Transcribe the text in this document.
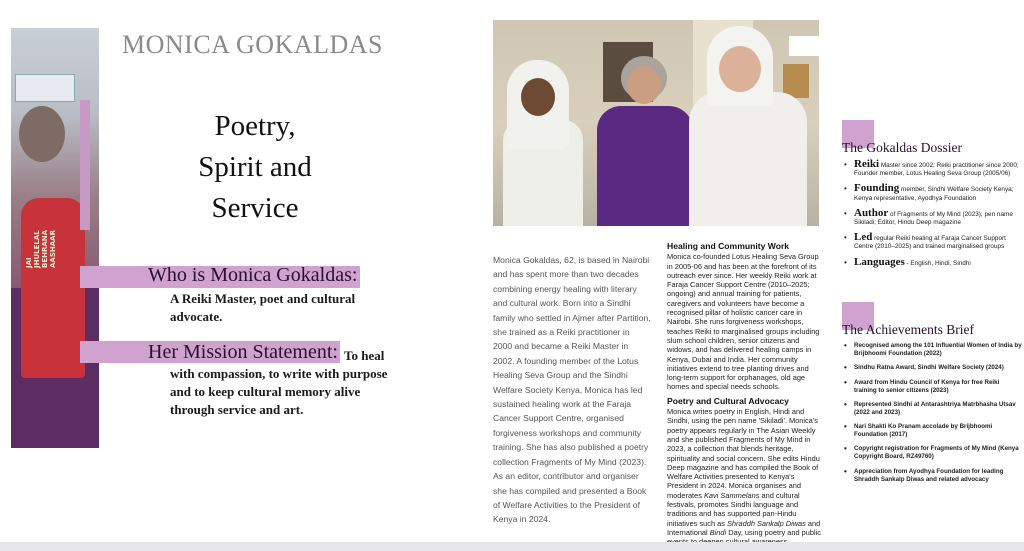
JAI JHULELAL BEHRANA AASHAAR
MONICA GOKALDAS
Poetry,
Spirit and
Service
Who is Monica Gokaldas:
A Reiki Master, poet and cultural advocate.
Her Mission Statement: To heal with compassion, to write with purpose and to keep cultural memory alive through service and art.
Monica Gokaldas, 62, is based in Nairobi and has spent more than two decades combining energy healing with literary and cultural work. Born into a Sindhi family who settled in Ajmer after Partition, she trained as a Reiki practitioner in 2000 and became a Reiki Master in 2002. A founding member of the Lotus Healing Seva Group and the Sindhi Welfare Society Kenya, Monica has led sustained healing work at the Faraja Cancer Support Centre, organised forgiveness workshops and community training. She has also published a poetry collection Fragments of My Mind (2023). As an editor, contributor and organiser she has compiled and presented a Book of Welfare Activities to the President of Kenya in 2024.
Healing and Community Work

Monica co-founded Lotus Healing Seva Group in 2005-06 and has been at the forefront of its outreach ever since. Her weekly Reiki work at Faraja Cancer Support Centre (2010–2025; ongoing) and annual training for patients, caregivers and volunteers have become a recognised pillar of holistic cancer care in Nairobi. She runs forgiveness workshops, teaches Reiki to marginalised groups including slum school children, senior citizens and widows, and has delivered healing camps in Kenya, Dubai and India. Her community initiatives extend to tree planting drives and long-term support for orphanages, old age homes and special needs schools.

Poetry and Cultural Advocacy

Monica writes poetry in English, Hindi and Sindhi, using the pen name 'Sikiladi'. Monica's poetry appears regularly in The Asian Weekly and she published Fragments of My Mind in 2023, a collection that blends heritage, spirituality and social concern. She edits Hindu Deep magazine and has compiled the Book of Welfare Activities presented to Kenya's President in 2024. Monica organises and moderates Kavi Sammelans and cultural festivals, promotes Sindhi language and traditions and has supported pan-Hindu initiatives such as Shraddh Sankalp Diwas and International Bindi Day, using poetry and public

The Gokaldas Dossier
• Reiki Master since 2002; Reiki practitioner since 2000; Founder member, Lotus Healing Seva Group (2005/06)
• Founding member, Sindhi Welfare Society Kenya; Kenya representative, Ayodhya Foundation
• Author of Fragments of My Mind (2023); pen name Sikiladi; Editor, Hindu Deep magazine
• Led regular Reiki healing at Faraja Cancer Support Centre (2010–2025) and trained marginalised groups
• Languages - English, Hindi, Sindhi
The Achievements Brief
• Recognised among the 101 Influential Women of India by Brijbhoomi Foundation (2022)
• Sindhu Ratna Award, Sindhi Welfare Society (2024)
• Award from Hindu Council of Kenya for free Reiki training to senior citizens (2023)
• Represented Sindhi at Antarashtriya Matrbhasha Utsav (2022 and 2023)
• Nari Shakti Ko Pranam accolade by Brijbhoomi Foundation (2017)
• Copyright registration for Fragments of My Mind (Kenya Copyright Board, RZ49760)
• Appreciation from Ayodhya Foundation for leading Shraddh Sankalp Diwas and related advocacy
